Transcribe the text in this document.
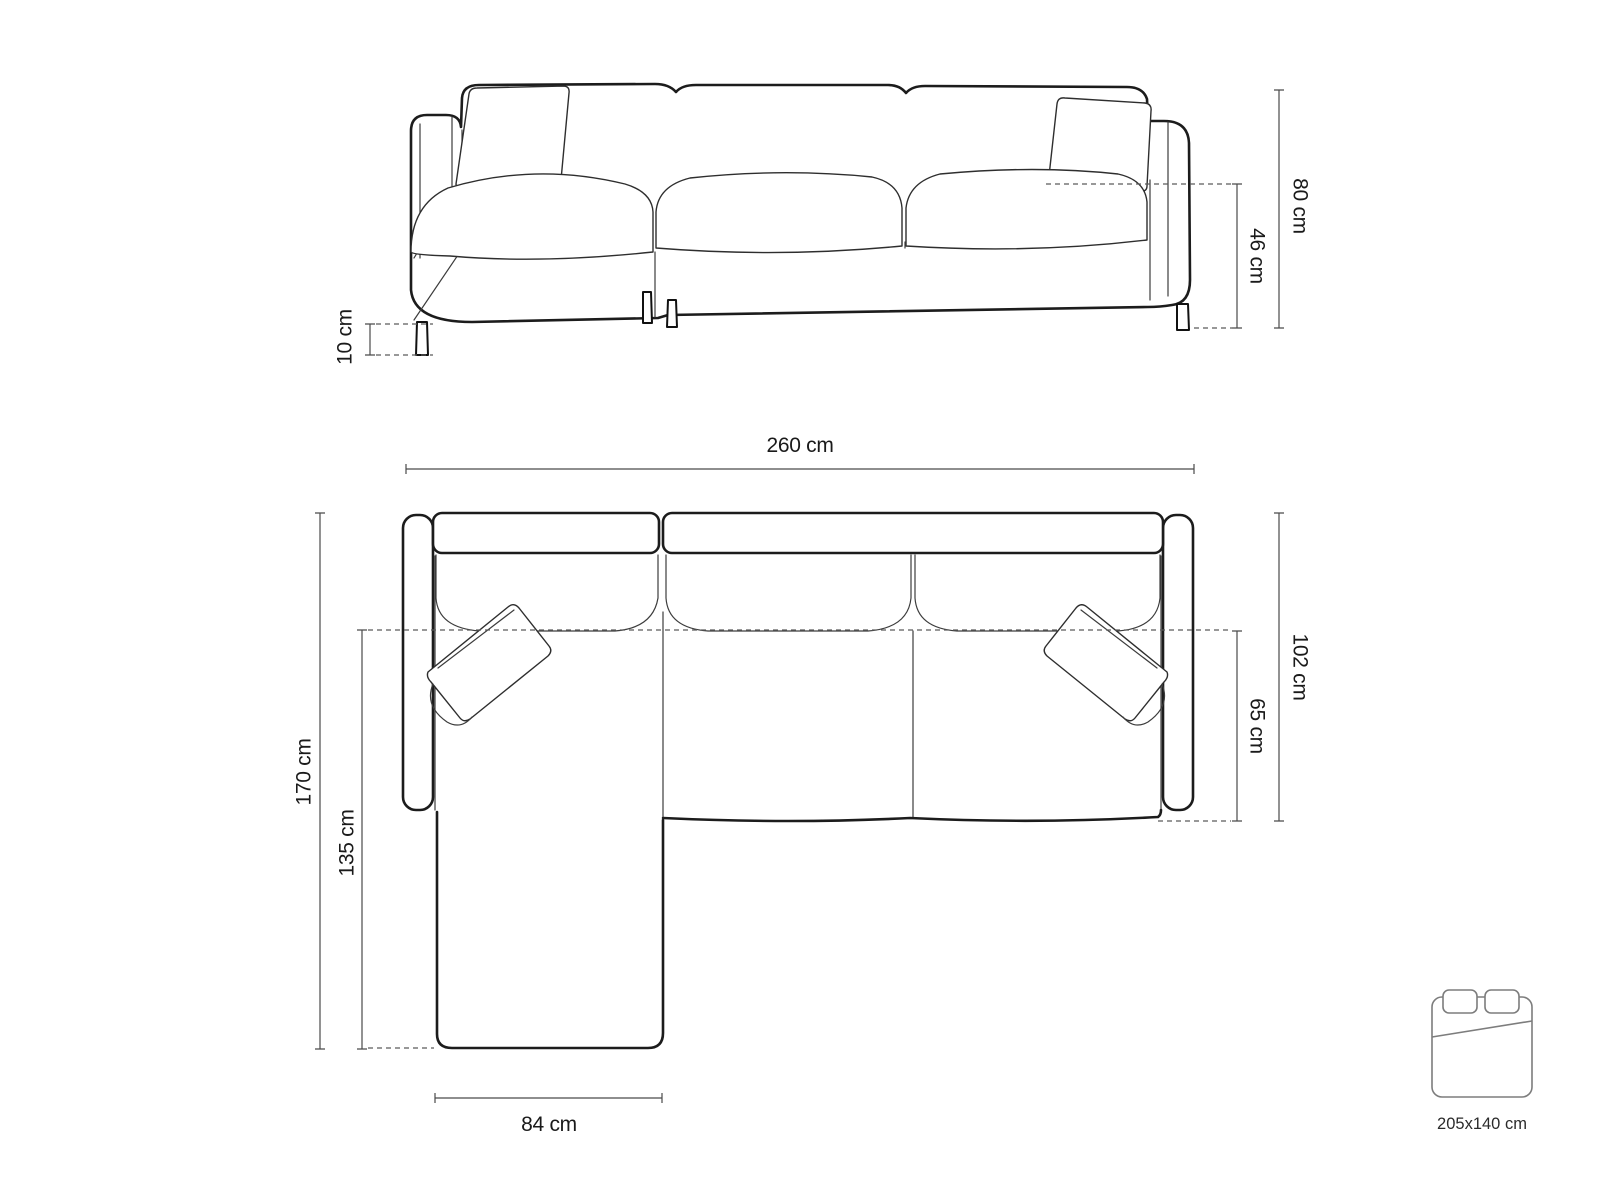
80 cm
46 cm
10 cm
260 cm
170 cm
135 cm
102 cm
65 cm
84 cm	205x140 cm
